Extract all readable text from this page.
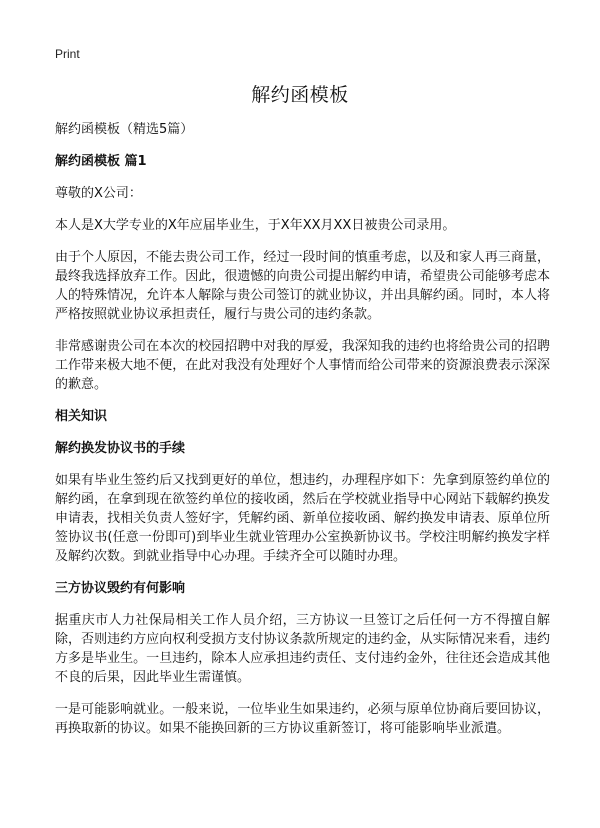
Print
解约函模板

解约函模板（精选5篇）

解约函模板 篇1

尊敬的X公司：

本人是X大学专业的X年应届毕业生，于X年XX月XX日被贵公司录用。

由于个人原因，不能去贵公司工作，经过一段时间的慎重考虑，以及和家人再三商量，最终我选择放弃工作。因此，很遗憾的向贵公司提出解约申请，希望贵公司能够考虑本人的特殊情况，允许本人解除与贵公司签订的就业协议，并出具解约函。同时，本人将严格按照就业协议承担责任，履行与贵公司的违约条款。

非常感谢贵公司在本次的校园招聘中对我的厚爱，我深知我的违约也将给贵公司的招聘工作带来极大地不便，在此对我没有处理好个人事情而给公司带来的资源浪费表示深深的歉意。

相关知识

解约换发协议书的手续

如果有毕业生签约后又找到更好的单位，想违约，办理程序如下：先拿到原签约单位的解约函，在拿到现在欲签约单位的接收函，然后在学校就业指导中心网站下载解约换发申请表，找相关负责人签好字，凭解约函、新单位接收函、解约换发申请表、原单位所签协议书(任意一份即可)到毕业生就业管理办公室换新协议书。学校注明解约换发字样及解约次数。到就业指导中心办理。手续齐全可以随时办理。

三方协议毁约有何影响

据重庆市人力社保局相关工作人员介绍，三方协议一旦签订之后任何一方不得擅自解除，否则违约方应向权利受损方支付协议条款所规定的违约金，从实际情况来看，违约方多是毕业生。一旦违约，除本人应承担违约责任、支付违约金外，往往还会造成其他不良的后果，因此毕业生需谨慎。

一是可能影响就业。一般来说，一位毕业生如果违约，必须与原单位协商后要回协议，再换取新的协议。如果不能换回新的三方协议重新签订，将可能影响毕业派遣。
